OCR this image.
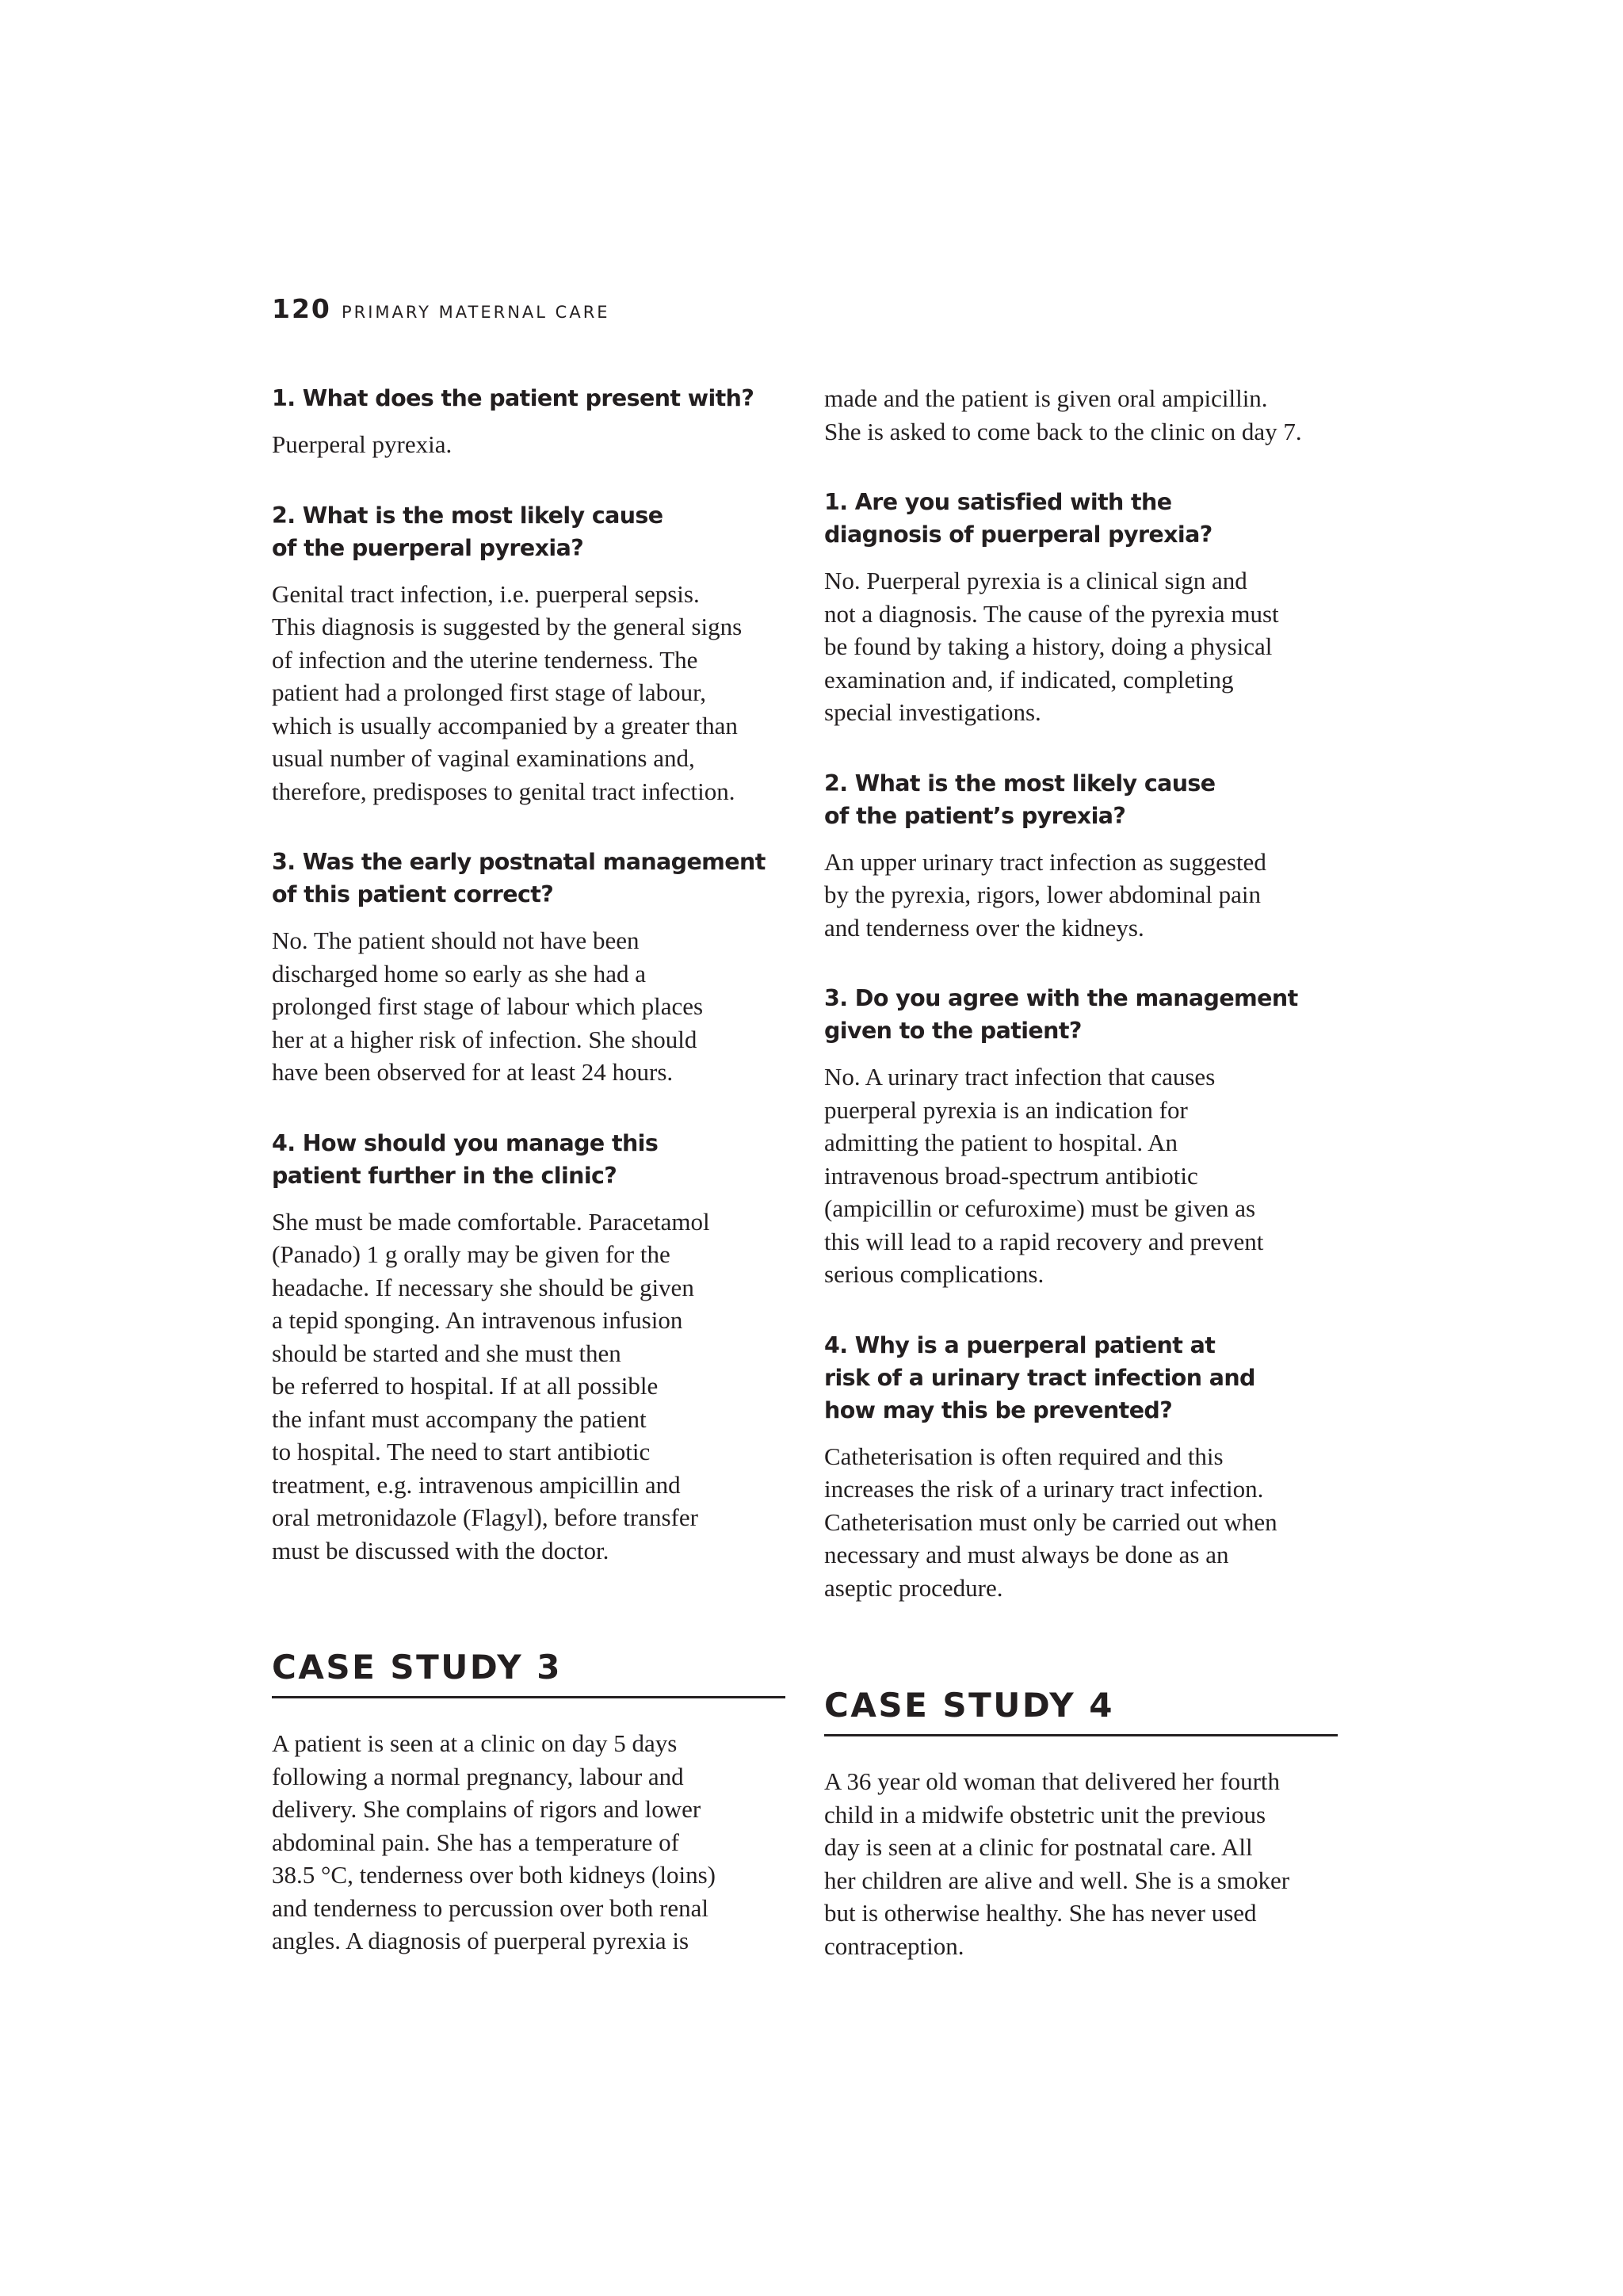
120 PRIMARY MATERNAL CARE
1. What does the patient present with?
Puerperal pyrexia.
2. What is the most likely cause
of the puerperal pyrexia?
Genital tract infection, i.e. puerperal sepsis.
This diagnosis is suggested by the general signs
of infection and the uterine tenderness. The
patient had a prolonged first stage of labour,
which is usually accompanied by a greater than
usual number of vaginal examinations and,
therefore, predisposes to genital tract infection.
3. Was the early postnatal management
of this patient correct?
No. The patient should not have been
discharged home so early as she had a
prolonged first stage of labour which places
her at a higher risk of infection. She should
have been observed for at least 24 hours.
4. How should you manage this
patient further in the clinic?
She must be made comfortable. Paracetamol
(Panado) 1 g orally may be given for the
headache. If necessary she should be given
a tepid sponging. An intravenous infusion
should be started and she must then
be referred to hospital. If at all possible
the infant must accompany the patient
to hospital. The need to start antibiotic
treatment, e.g. intravenous ampicillin and
oral metronidazole (Flagyl), before transfer
must be discussed with the doctor.
CASE STUDY 3
A patient is seen at a clinic on day 5 days
following a normal pregnancy, labour and
delivery. She complains of rigors and lower
abdominal pain. She has a temperature of
38.5 °C, tenderness over both kidneys (loins)
and tenderness to percussion over both renal
angles. A diagnosis of puerperal pyrexia is
made and the patient is given oral ampicillin.
She is asked to come back to the clinic on day 7.
1. Are you satisfied with the
diagnosis of puerperal pyrexia?
No. Puerperal pyrexia is a clinical sign and
not a diagnosis. The cause of the pyrexia must
be found by taking a history, doing a physical
examination and, if indicated, completing
special investigations.
2. What is the most likely cause
of the patient’s pyrexia?
An upper urinary tract infection as suggested
by the pyrexia, rigors, lower abdominal pain
and tenderness over the kidneys.
3. Do you agree with the management
given to the patient?
No. A urinary tract infection that causes
puerperal pyrexia is an indication for
admitting the patient to hospital. An
intravenous broad-spectrum antibiotic
(ampicillin or cefuroxime) must be given as
this will lead to a rapid recovery and prevent
serious complications.
4. Why is a puerperal patient at
risk of a urinary tract infection and
how may this be prevented?
Catheterisation is often required and this
increases the risk of a urinary tract infection.
Catheterisation must only be carried out when
necessary and must always be done as an
aseptic procedure.
CASE STUDY 4
A 36 year old woman that delivered her fourth
child in a midwife obstetric unit the previous
day is seen at a clinic for postnatal care. All
her children are alive and well. She is a smoker
but is otherwise healthy. She has never used
contraception.
